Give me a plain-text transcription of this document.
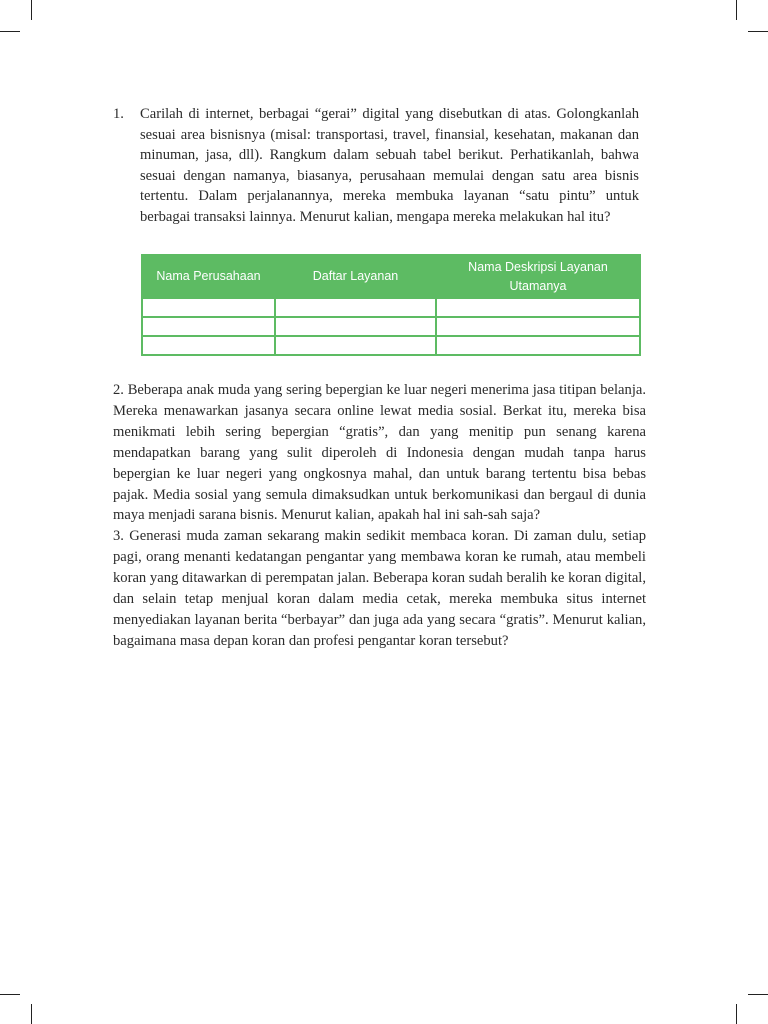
1. Carilah di internet, berbagai “gerai” digital yang disebutkan di atas. Golongkanlah sesuai area bisnisnya (misal: transportasi, travel, finansial, kesehatan, makanan dan minuman, jasa, dll). Rangkum dalam sebuah tabel berikut. Perhatikanlah, bahwa sesuai dengan namanya, biasanya, perusahaan memulai dengan satu area bisnis tertentu. Dalam perjalanannya, mereka membuka layanan “satu pintu” untuk berbagai transaksi lainnya. Menurut kalian, mengapa mereka melakukan hal itu?
Nama Perusahaan	Daftar Layanan	Nama Deskripsi Layanan Utamanya

2. Beberapa anak muda yang sering bepergian ke luar negeri menerima jasa titipan belanja. Mereka menawarkan jasanya secara online lewat media sosial. Berkat itu, mereka bisa menikmati lebih sering bepergian “gratis”, dan yang menitip pun senang karena mendapatkan barang yang sulit diperoleh di Indonesia dengan mudah tanpa harus bepergian ke luar negeri yang ongkosnya mahal, dan untuk barang tertentu bisa bebas pajak. Media sosial yang semula dimaksudkan untuk berkomunikasi dan bergaul di dunia maya menjadi sarana bisnis. Menurut kalian, apakah hal ini sah-sah saja?

3. Generasi muda zaman sekarang makin sedikit membaca koran. Di zaman dulu, setiap pagi, orang menanti kedatangan pengantar yang membawa koran ke rumah, atau membeli koran yang ditawarkan di perempatan jalan. Beberapa koran sudah beralih ke koran digital, dan selain tetap menjual koran dalam media cetak, mereka membuka situs internet menyediakan layanan berita “berbayar” dan juga ada yang secara “gratis”. Menurut kalian, bagaimana masa depan koran dan profesi pengantar koran tersebut?
